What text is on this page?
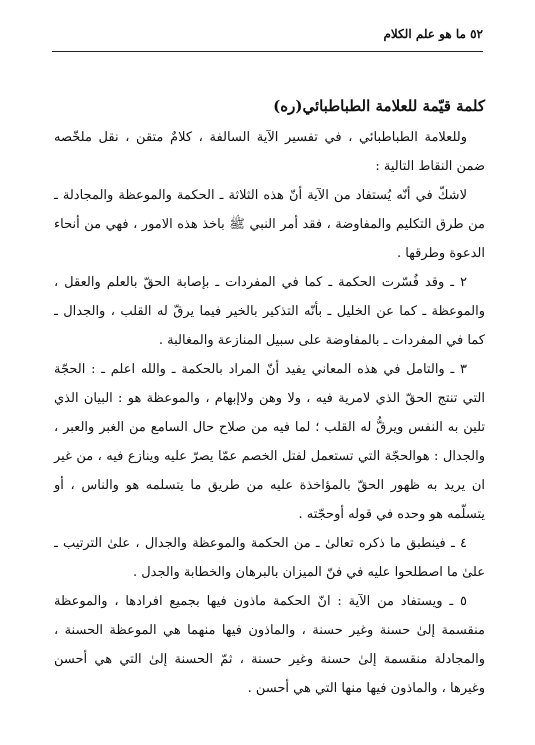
٥٢ ما هو علم الكلام

كلمة قيّمة للعلامة الطباطبائي(ره)

وللعلامة الطباطبائي ، في تفسير الآية السالفة ، كلامٌ متقن ، نقل ملخّصه ضمن النقاط التالية :

لاشكّ في أنّه يُستفاد من الآية أنّ هذه الثلاثة ـ الحكمة والموعظة والمجادلة ـ من طرق التكليم والمفاوضة ، فقد أمر النبي ﷺ باخذ هذه الامور ، فهي من أنحاء الدعوة وطرقها .

٢ ـ وقد فُسّرت الحكمة ـ كما في المفردات ـ بإصابة الحقّ بالعلم والعقل ، والموعظة ـ كما عن الخليل ـ بأنّه التذكير بالخير فيما يرقّ له القلب ، والجدال ـ كما في المفردات ـ بالمفاوضة على سبيل المنازعة والمغالبة .

٣ ـ والتامل في هذه المعاني يفيد أنّ المراد بالحكمة ـ والله اعلم ـ : الحجّة التي تنتج الحقّ الذي لامرية فيه ، ولا وهن ولاإبهام ، والموعظة هو : البيان الذي تلين به النفس ويرقُّ له القلب ؛ لما فيه من صلاح حال السامع من الغبر والعبر ، والجدال : هوالحجّة التي تستعمل لفتل الخصم عمّا يصرّ عليه وينازع فيه ، من غير ان يريد به ظهور الحقّ بالمؤاخذة عليه من طريق ما يتسلمه هو والناس ، أو يتسلّمه هو وحده في قوله أوحجّته .

٤ ـ فينطبق ما ذكره تعالىٰ ـ من الحكمة والموعظة والجدال ، علىٰ الترتيب ـ علىٰ ما اصطلحوا عليه في فنّ الميزان بالبرهان والخطابة والجدل .

٥ ـ ويستفاد من الآية : انّ الحكمة ماذون فيها بجميع افرادها ، والموعظة منقسمة إلىٰ حسنة وغير حسنة ، والماذون فيها منهما هي الموعظة الحسنة ، والمجادلة منقسمة إلىٰ حسنة وغير حسنة ، ثمّ الحسنة إلىٰ التي هي أحسن وغيرها ، والماذون فيها منها التي هي أحسن .
